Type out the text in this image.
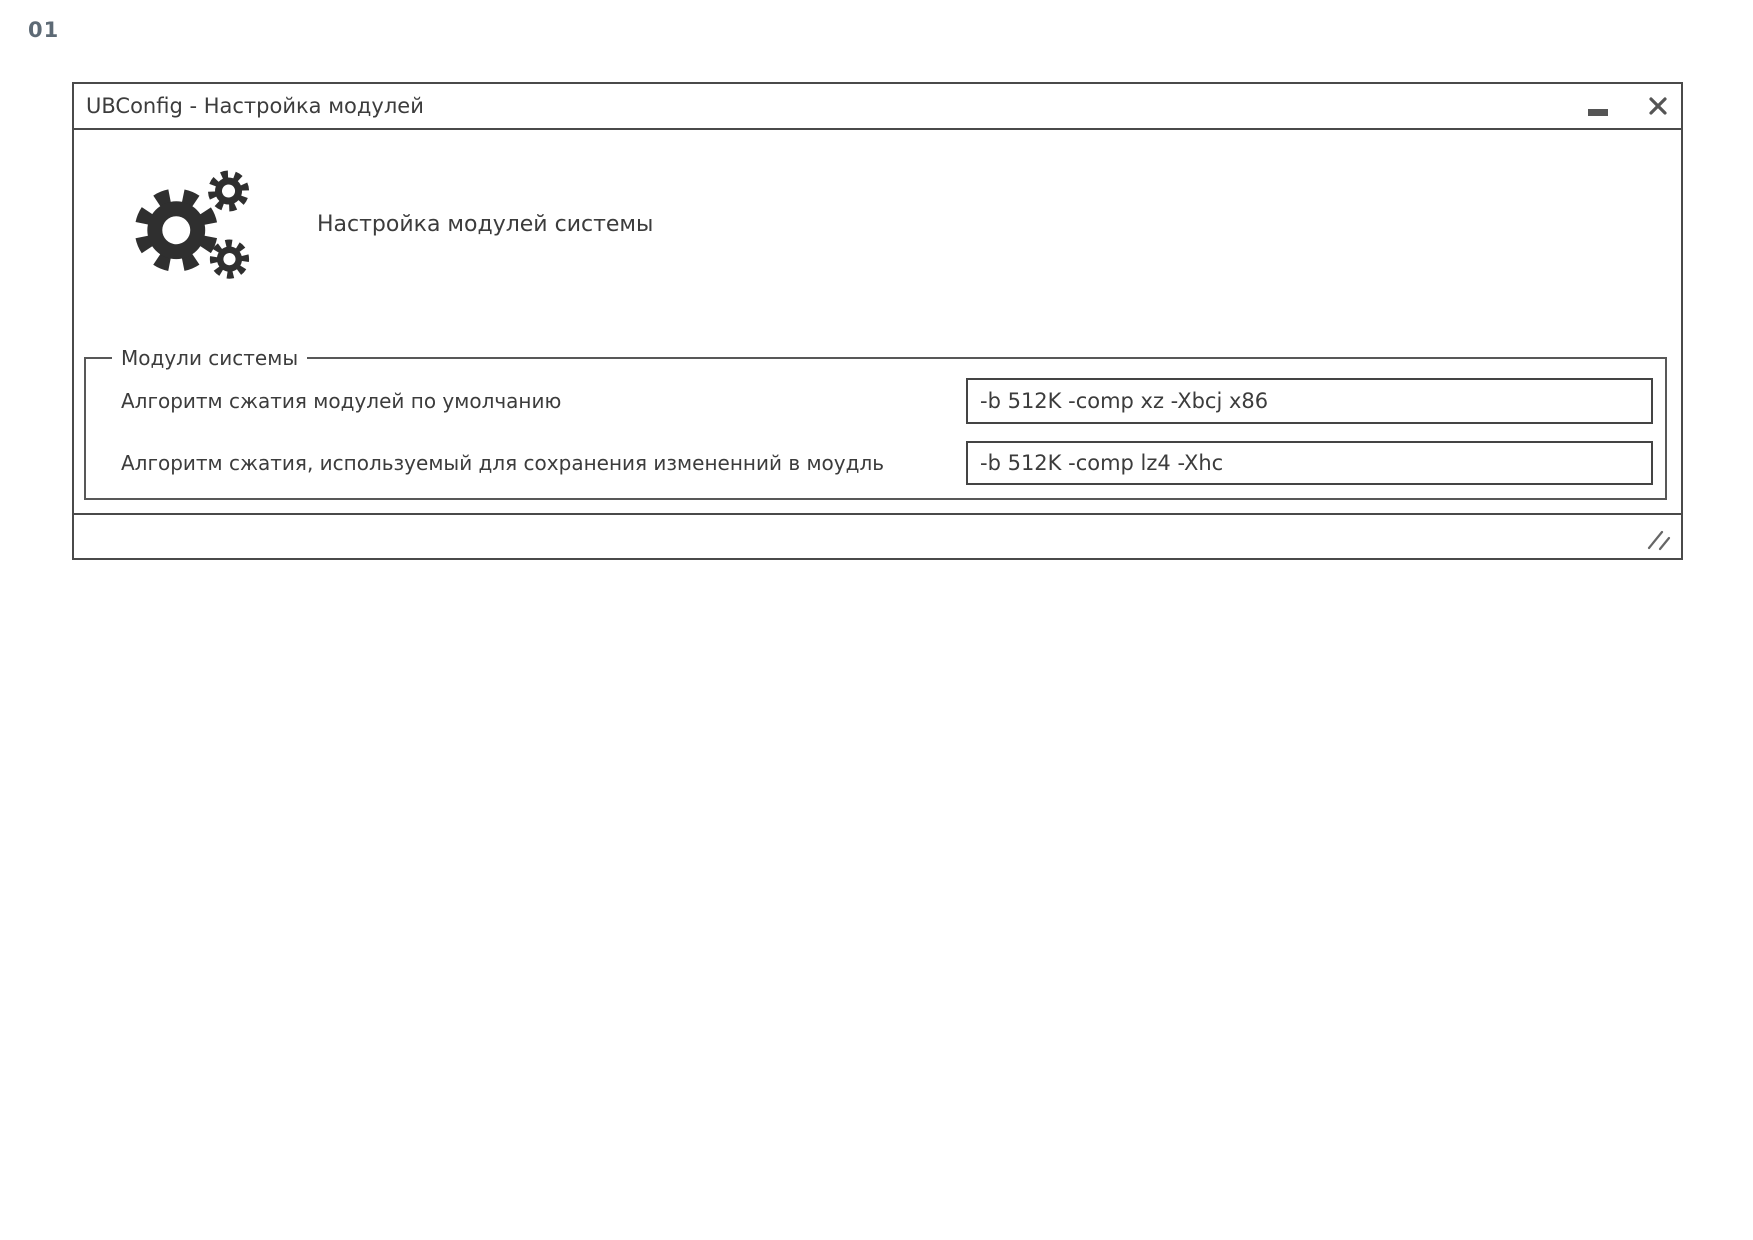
01
UBConfig - Настройка модулей
Настройка модулей системы
Модули системы
Алгоритм сжатия модулей по умолчанию
-b 512K -comp xz -Xbcj x86
Алгоритм сжатия, используемый для сохранения измененний в моудль
-b 512K -comp lz4 -Xhc
